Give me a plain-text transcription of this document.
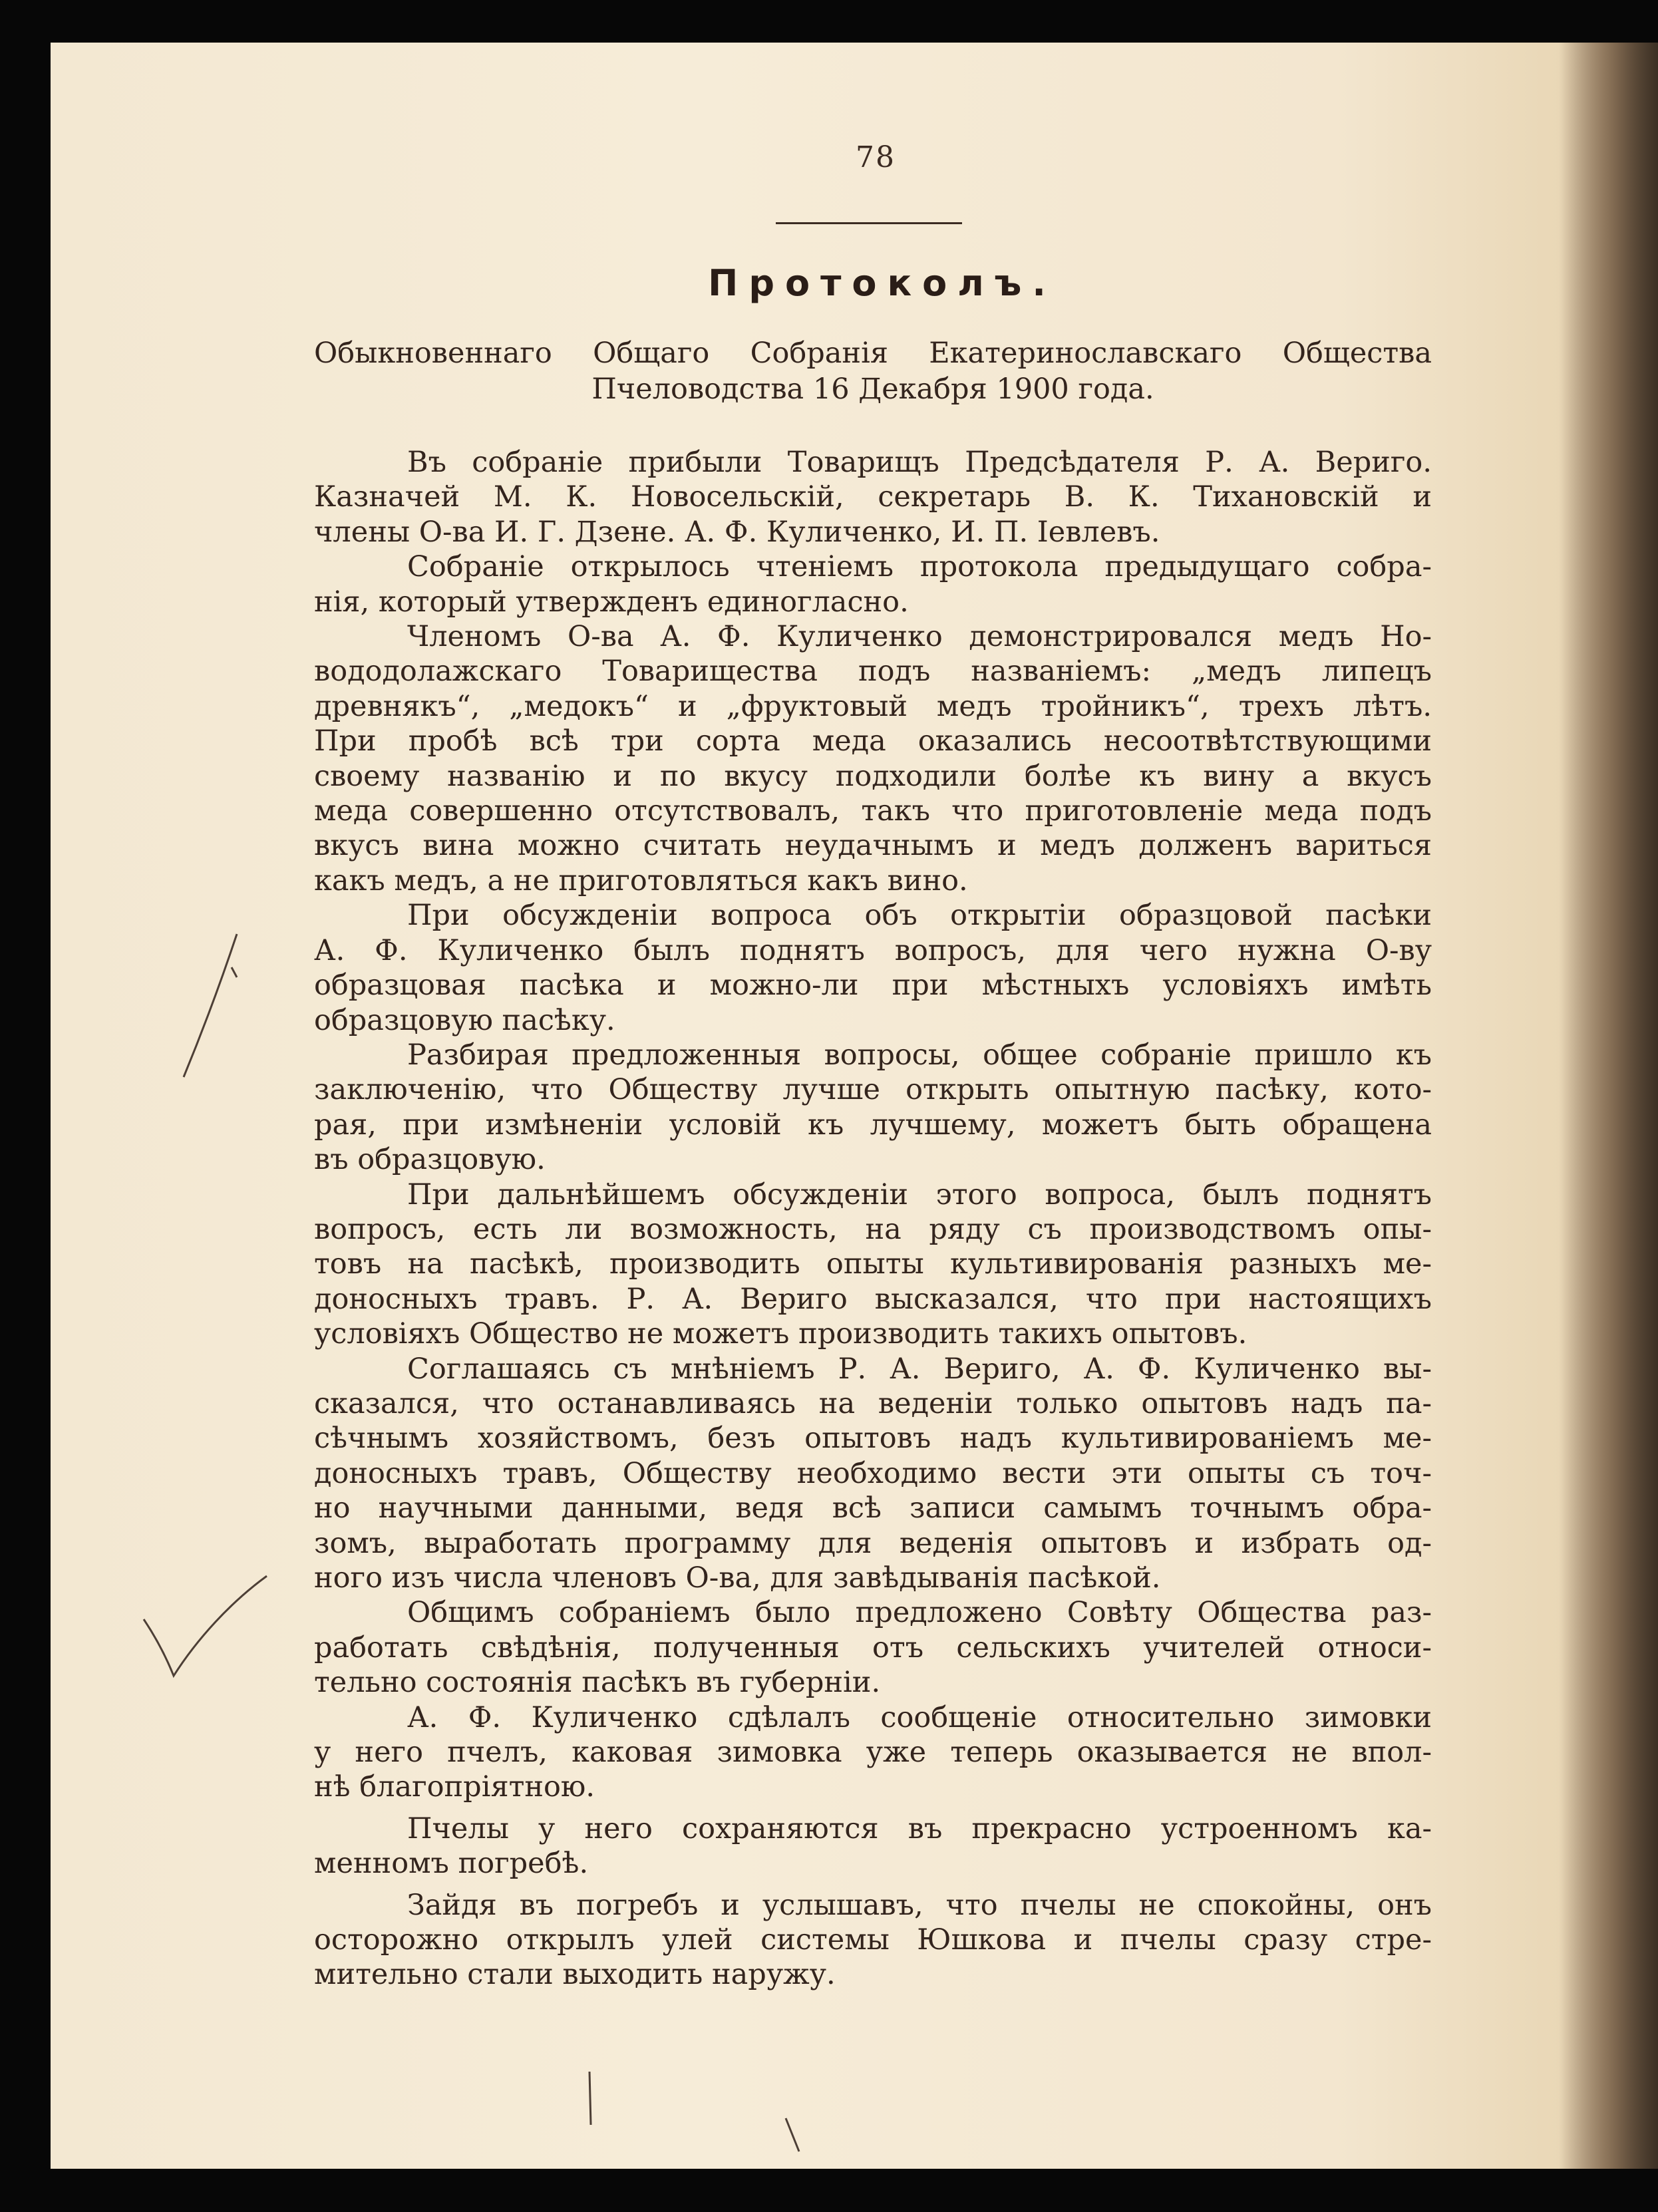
78
Протоколъ.
Обыкновеннаго Общаго Собранія Екатеринославскаго Общества
Пчеловодства 16 Декабря 1900 года.
Въ собраніе прибыли Товарищъ Предсѣдателя Р. А. Вериго.
Казначей М. К. Новосельскій, секретарь В. К. Тихановскій и
члены О-ва И. Г. Дзене. А. Ф. Куличенко, И. П. Іевлевъ.
Собраніе открылось чтеніемъ протокола предыдущаго собра-
нія, который утвержденъ единогласно.
Членомъ О-ва А. Ф. Куличенко демонстрировался медъ Но-
вододолажскаго Товарищества подъ названіемъ: „медъ липецъ
древнякъ“, „медокъ“ и „фруктовый медъ тройникъ“, трехъ лѣтъ.
При пробѣ всѣ три сорта меда оказались несоотвѣтствующими
своему названію и по вкусу подходили болѣе къ вину а вкусъ
меда совершенно отсутствовалъ, такъ что приготовленіе меда подъ
вкусъ вина можно считать неудачнымъ и медъ долженъ вариться
какъ медъ, а не приготовляться какъ вино.
При обсужденіи вопроса объ открытіи образцовой пасѣки
А. Ф. Куличенко былъ поднятъ вопросъ, для чего нужна О-ву
образцовая пасѣка и можно-ли при мѣстныхъ условіяхъ имѣть
образцовую пасѣку.
Разбирая предложенныя вопросы, общее собраніе пришло къ
заключенію, что Обществу лучше открыть опытную пасѣку, кото-
рая, при измѣненіи условій къ лучшему, можетъ быть обращена
въ образцовую.
При дальнѣйшемъ обсужденіи этого вопроса, былъ поднятъ
вопросъ, есть ли возможность, на ряду съ производствомъ опы-
товъ на пасѣкѣ, производить опыты культивированія разныхъ ме-
доносныхъ травъ. Р. А. Вериго высказался, что при настоящихъ
условіяхъ Общество не можетъ производить такихъ опытовъ.
Соглашаясь съ мнѣніемъ Р. А. Вериго, А. Ф. Куличенко вы-
сказался, что останавливаясь на веденіи только опытовъ надъ па-
сѣчнымъ хозяйствомъ, безъ опытовъ надъ культивированіемъ ме-
доносныхъ травъ, Обществу необходимо вести эти опыты съ точ-
но научными данными, ведя всѣ записи самымъ точнымъ обра-
зомъ, выработать программу для веденія опытовъ и избрать од-
ного изъ числа членовъ О-ва, для завѣдыванія пасѣкой.
Общимъ собраніемъ было предложено Совѣту Общества раз-
работать свѣдѣнія, полученныя отъ сельскихъ учителей относи-
тельно состоянія пасѣкъ въ губерніи.
А. Ф. Куличенко сдѣлалъ сообщеніе относительно зимовки
у него пчелъ, каковая зимовка уже теперь оказывается не впол-
нѣ благопріятною.
Пчелы у него сохраняются въ прекрасно устроенномъ ка-
менномъ погребѣ.
Зайдя въ погребъ и услышавъ, что пчелы не спокойны, онъ
осторожно открылъ улей системы Юшкова и пчелы сразу стре-
мительно стали выходить наружу.
